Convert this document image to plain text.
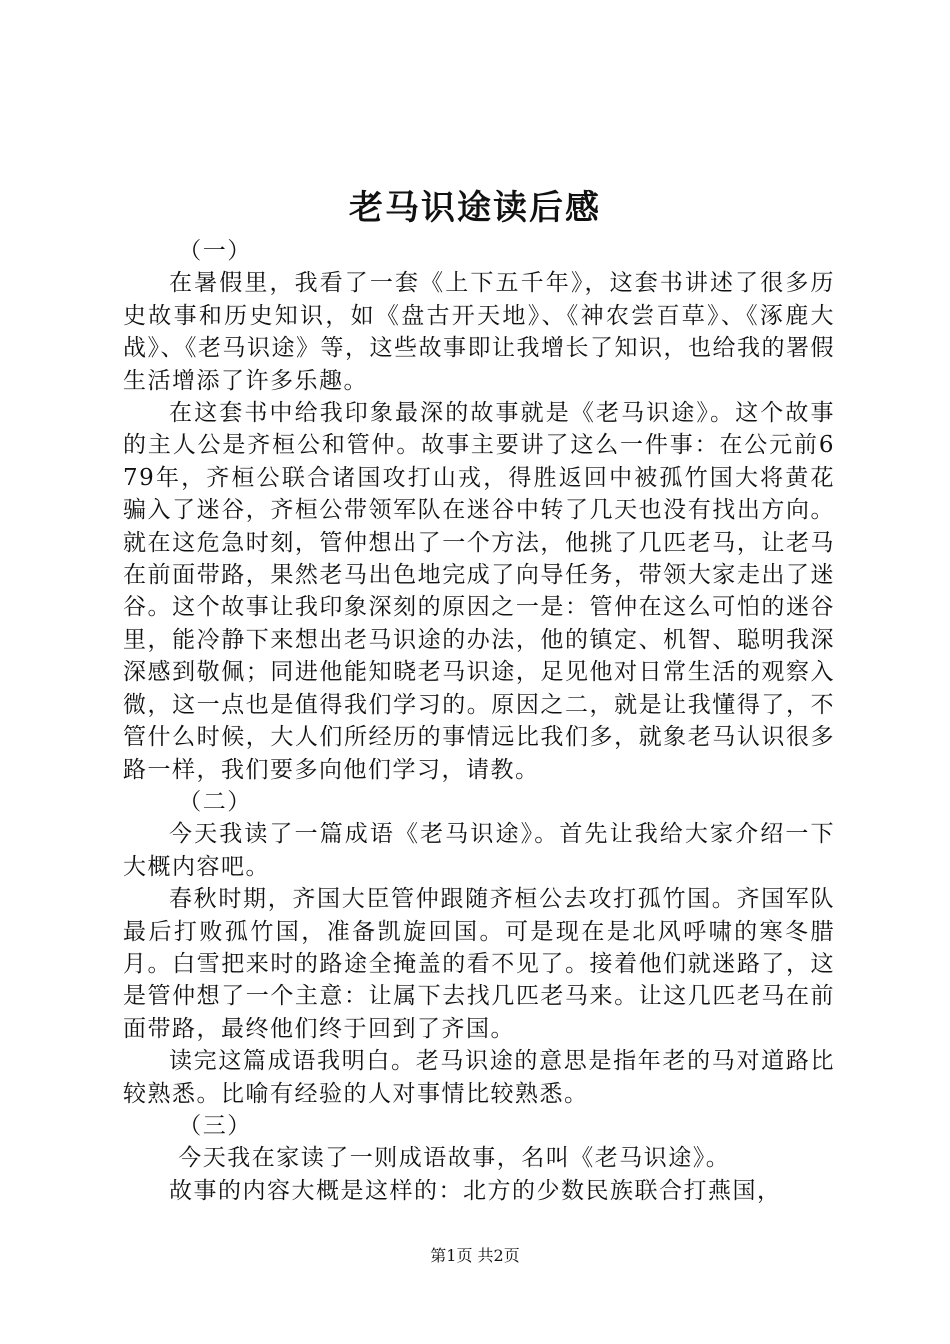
老马识途读后感

（一）

在暑假里，我看了一套《上下五千年》，这套书讲述了很多历史故事和历史知识，如《盘古开天地》、《神农尝百草》、《涿鹿大战》、《老马识途》等，这些故事即让我增长了知识，也给我的署假生活增添了许多乐趣。

在这套书中给我印象最深的故事就是《老马识途》。这个故事的主人公是齐桓公和管仲。故事主要讲了这么一件事：在公元前679年，齐桓公联合诸国攻打山戎，得胜返回中被孤竹国大将黄花骗入了迷谷，齐桓公带领军队在迷谷中转了几天也没有找出方向。就在这危急时刻，管仲想出了一个方法，他挑了几匹老马，让老马在前面带路，果然老马出色地完成了向导任务，带领大家走出了迷谷。这个故事让我印象深刻的原因之一是：管仲在这么可怕的迷谷里，能冷静下来想出老马识途的办法，他的镇定、机智、聪明我深深感到敬佩；同进他能知晓老马识途，足见他对日常生活的观察入微，这一点也是值得我们学习的。原因之二，就是让我懂得了，不管什么时候，大人们所经历的事情远比我们多，就象老马认识很多路一样，我们要多向他们学习，请教。

（二）

今天我读了一篇成语《老马识途》。首先让我给大家介绍一下大概内容吧。

春秋时期，齐国大臣管仲跟随齐桓公去攻打孤竹国。齐国军队最后打败孤竹国，准备凯旋回国。可是现在是北风呼啸的寒冬腊月。白雪把来时的路途全掩盖的看不见了。接着他们就迷路了，这是管仲想了一个主意：让属下去找几匹老马来。让这几匹老马在前面带路，最终他们终于回到了齐国。

读完这篇成语我明白。老马识途的意思是指年老的马对道路比较熟悉。比喻有经验的人对事情比较熟悉。

（三）

今天我在家读了一则成语故事，名叫《老马识途》。

故事的内容大概是这样的：北方的少数民族联合打燕国，

第1页 共2页
